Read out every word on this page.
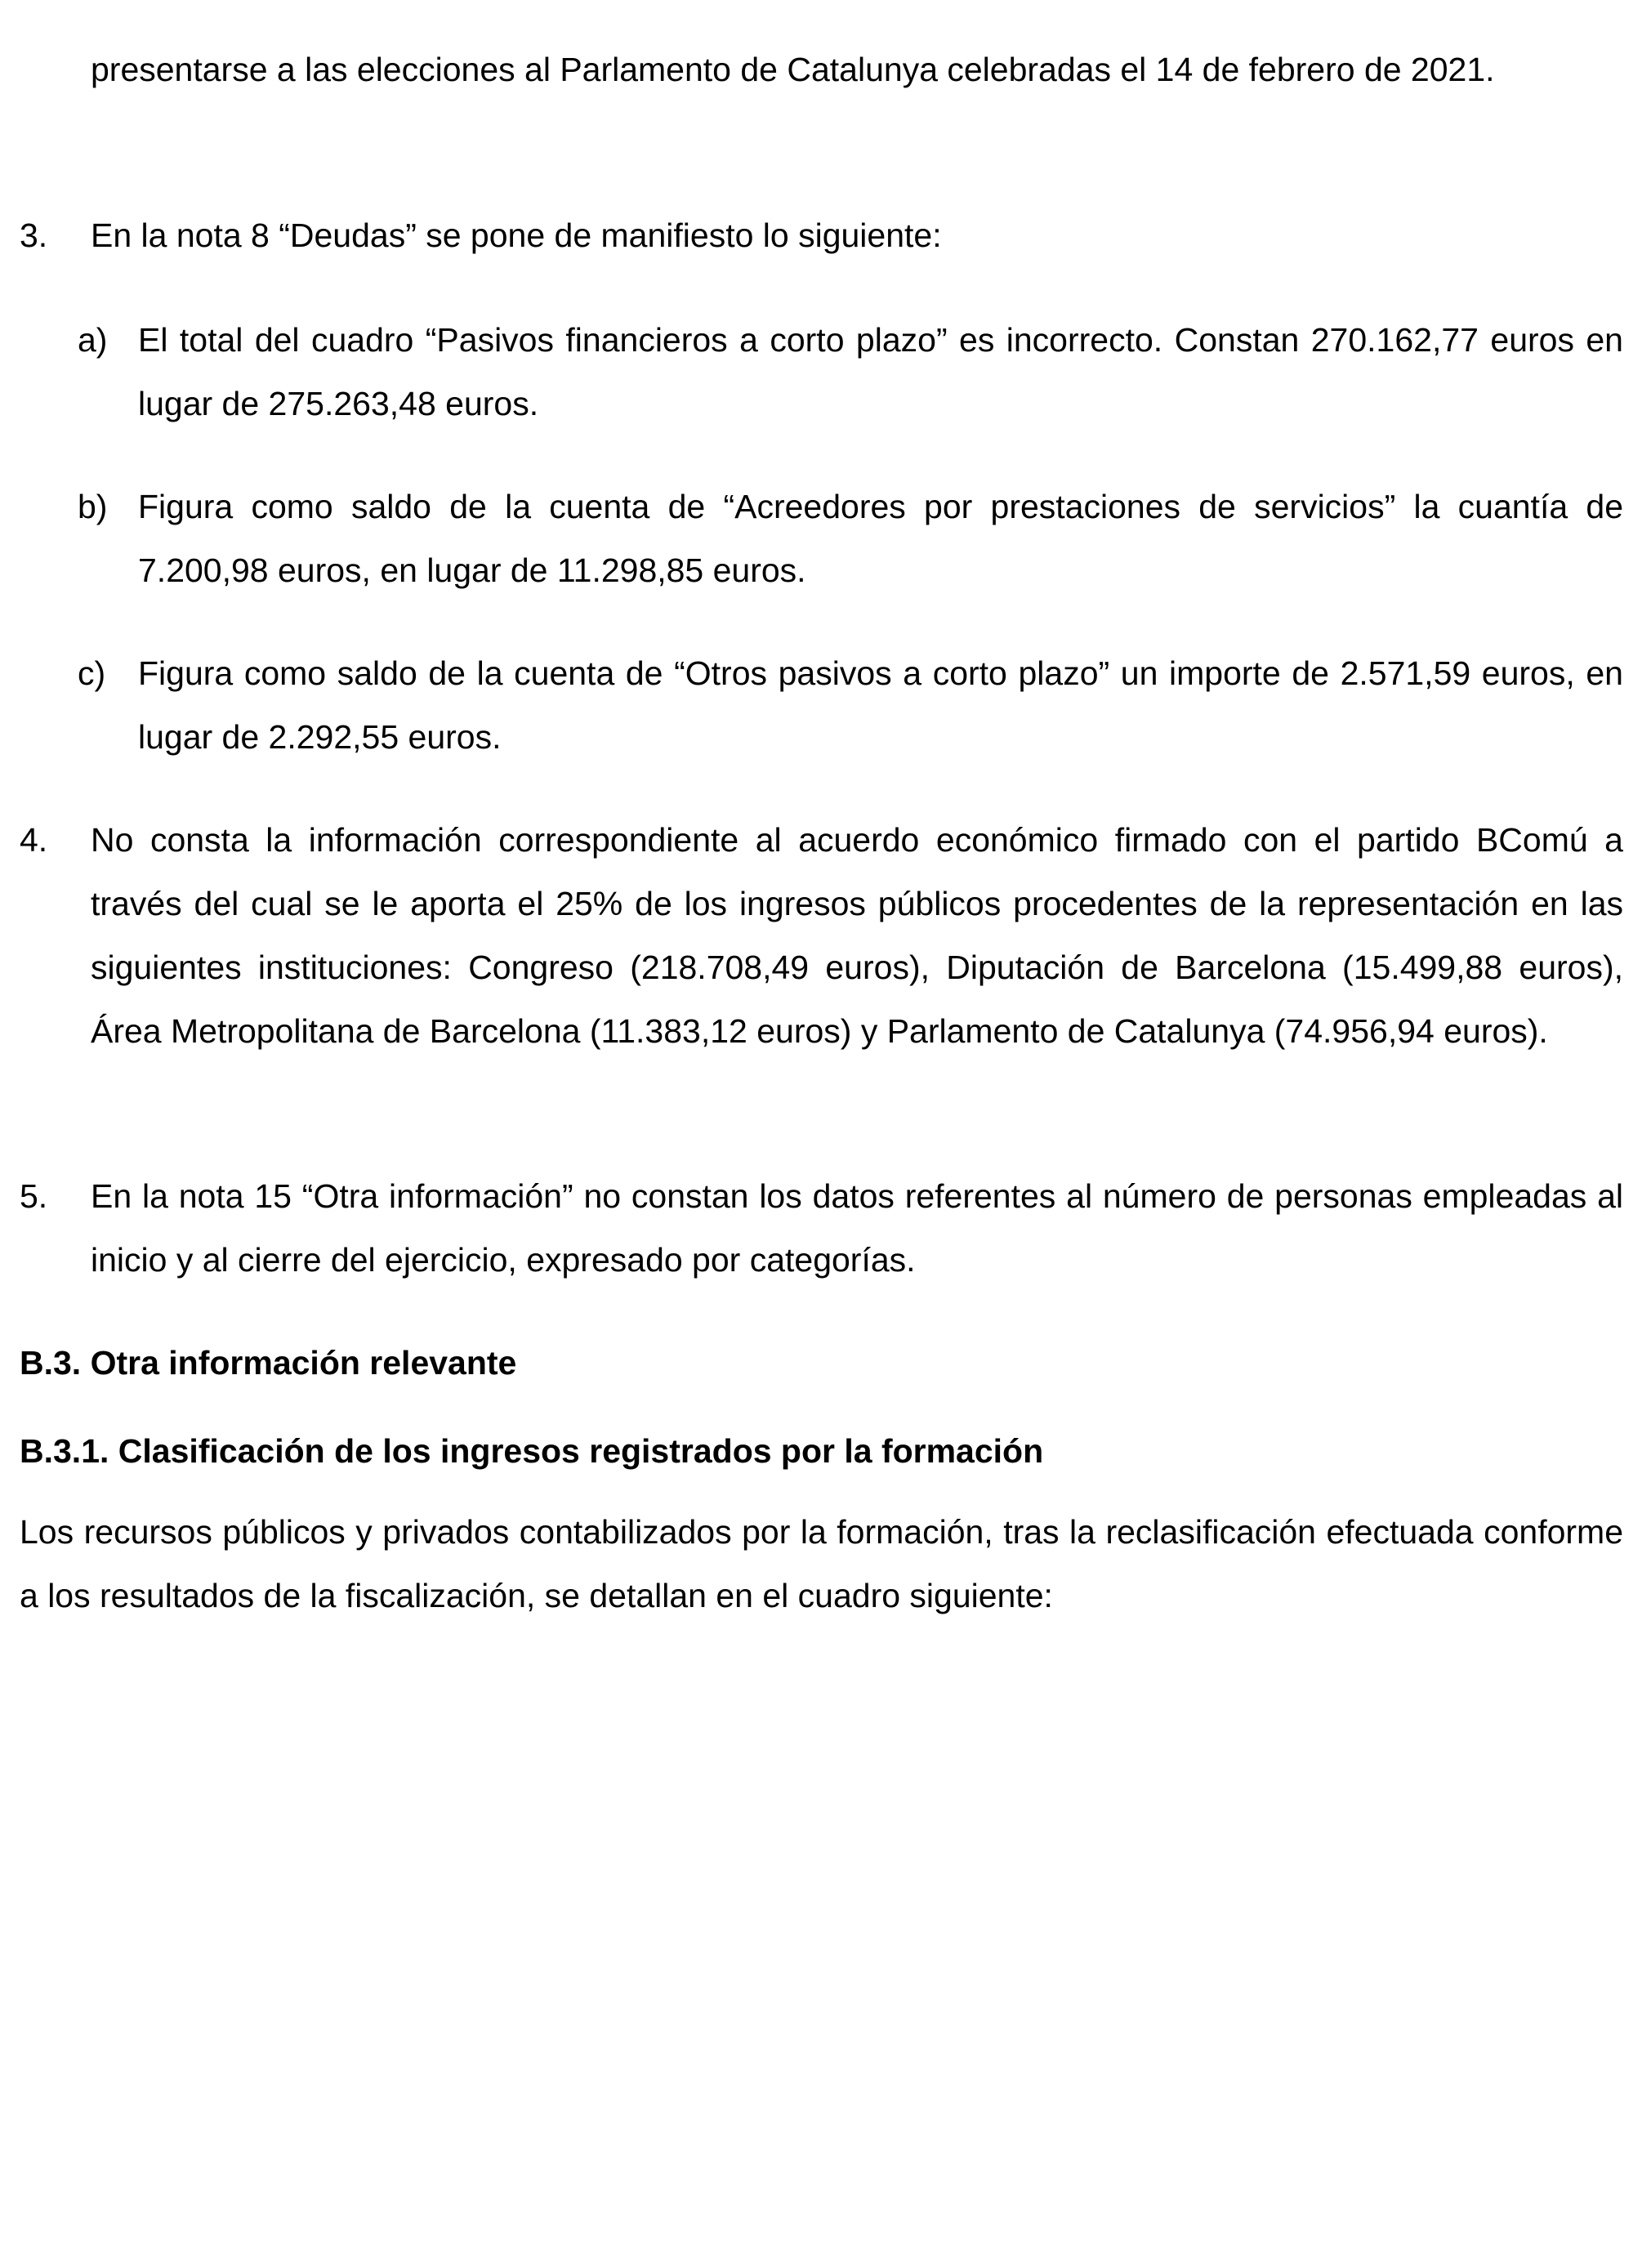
presentarse a las elecciones al Parlamento de Catalunya celebradas el 14 de febrero de 2021.

3. En la nota 8 “Deudas” se pone de manifiesto lo siguiente:

a) El total del cuadro “Pasivos financieros a corto plazo” es incorrecto. Constan 270.162,77 euros en lugar de 275.263,48 euros.

b) Figura como saldo de la cuenta de “Acreedores por prestaciones de servicios” la cuantía de 7.200,98 euros, en lugar de 11.298,85 euros.

c) Figura como saldo de la cuenta de “Otros pasivos a corto plazo” un importe de 2.571,59 euros, en lugar de 2.292,55 euros.

4. No consta la información correspondiente al acuerdo económico firmado con el partido BComú a través del cual se le aporta el 25% de los ingresos públicos procedentes de la representación en las siguientes instituciones: Congreso (218.708,49 euros), Diputación de Barcelona (15.499,88 euros), Área Metropolitana de Barcelona (11.383,12 euros) y Parlamento de Catalunya (74.956,94 euros).

5. En la nota 15 “Otra información” no constan los datos referentes al número de personas empleadas al inicio y al cierre del ejercicio, expresado por categorías.

B.3. Otra información relevante

B.3.1. Clasificación de los ingresos registrados por la formación

Los recursos públicos y privados contabilizados por la formación, tras la reclasificación efectuada conforme a los resultados de la fiscalización, se detallan en el cuadro siguiente:
